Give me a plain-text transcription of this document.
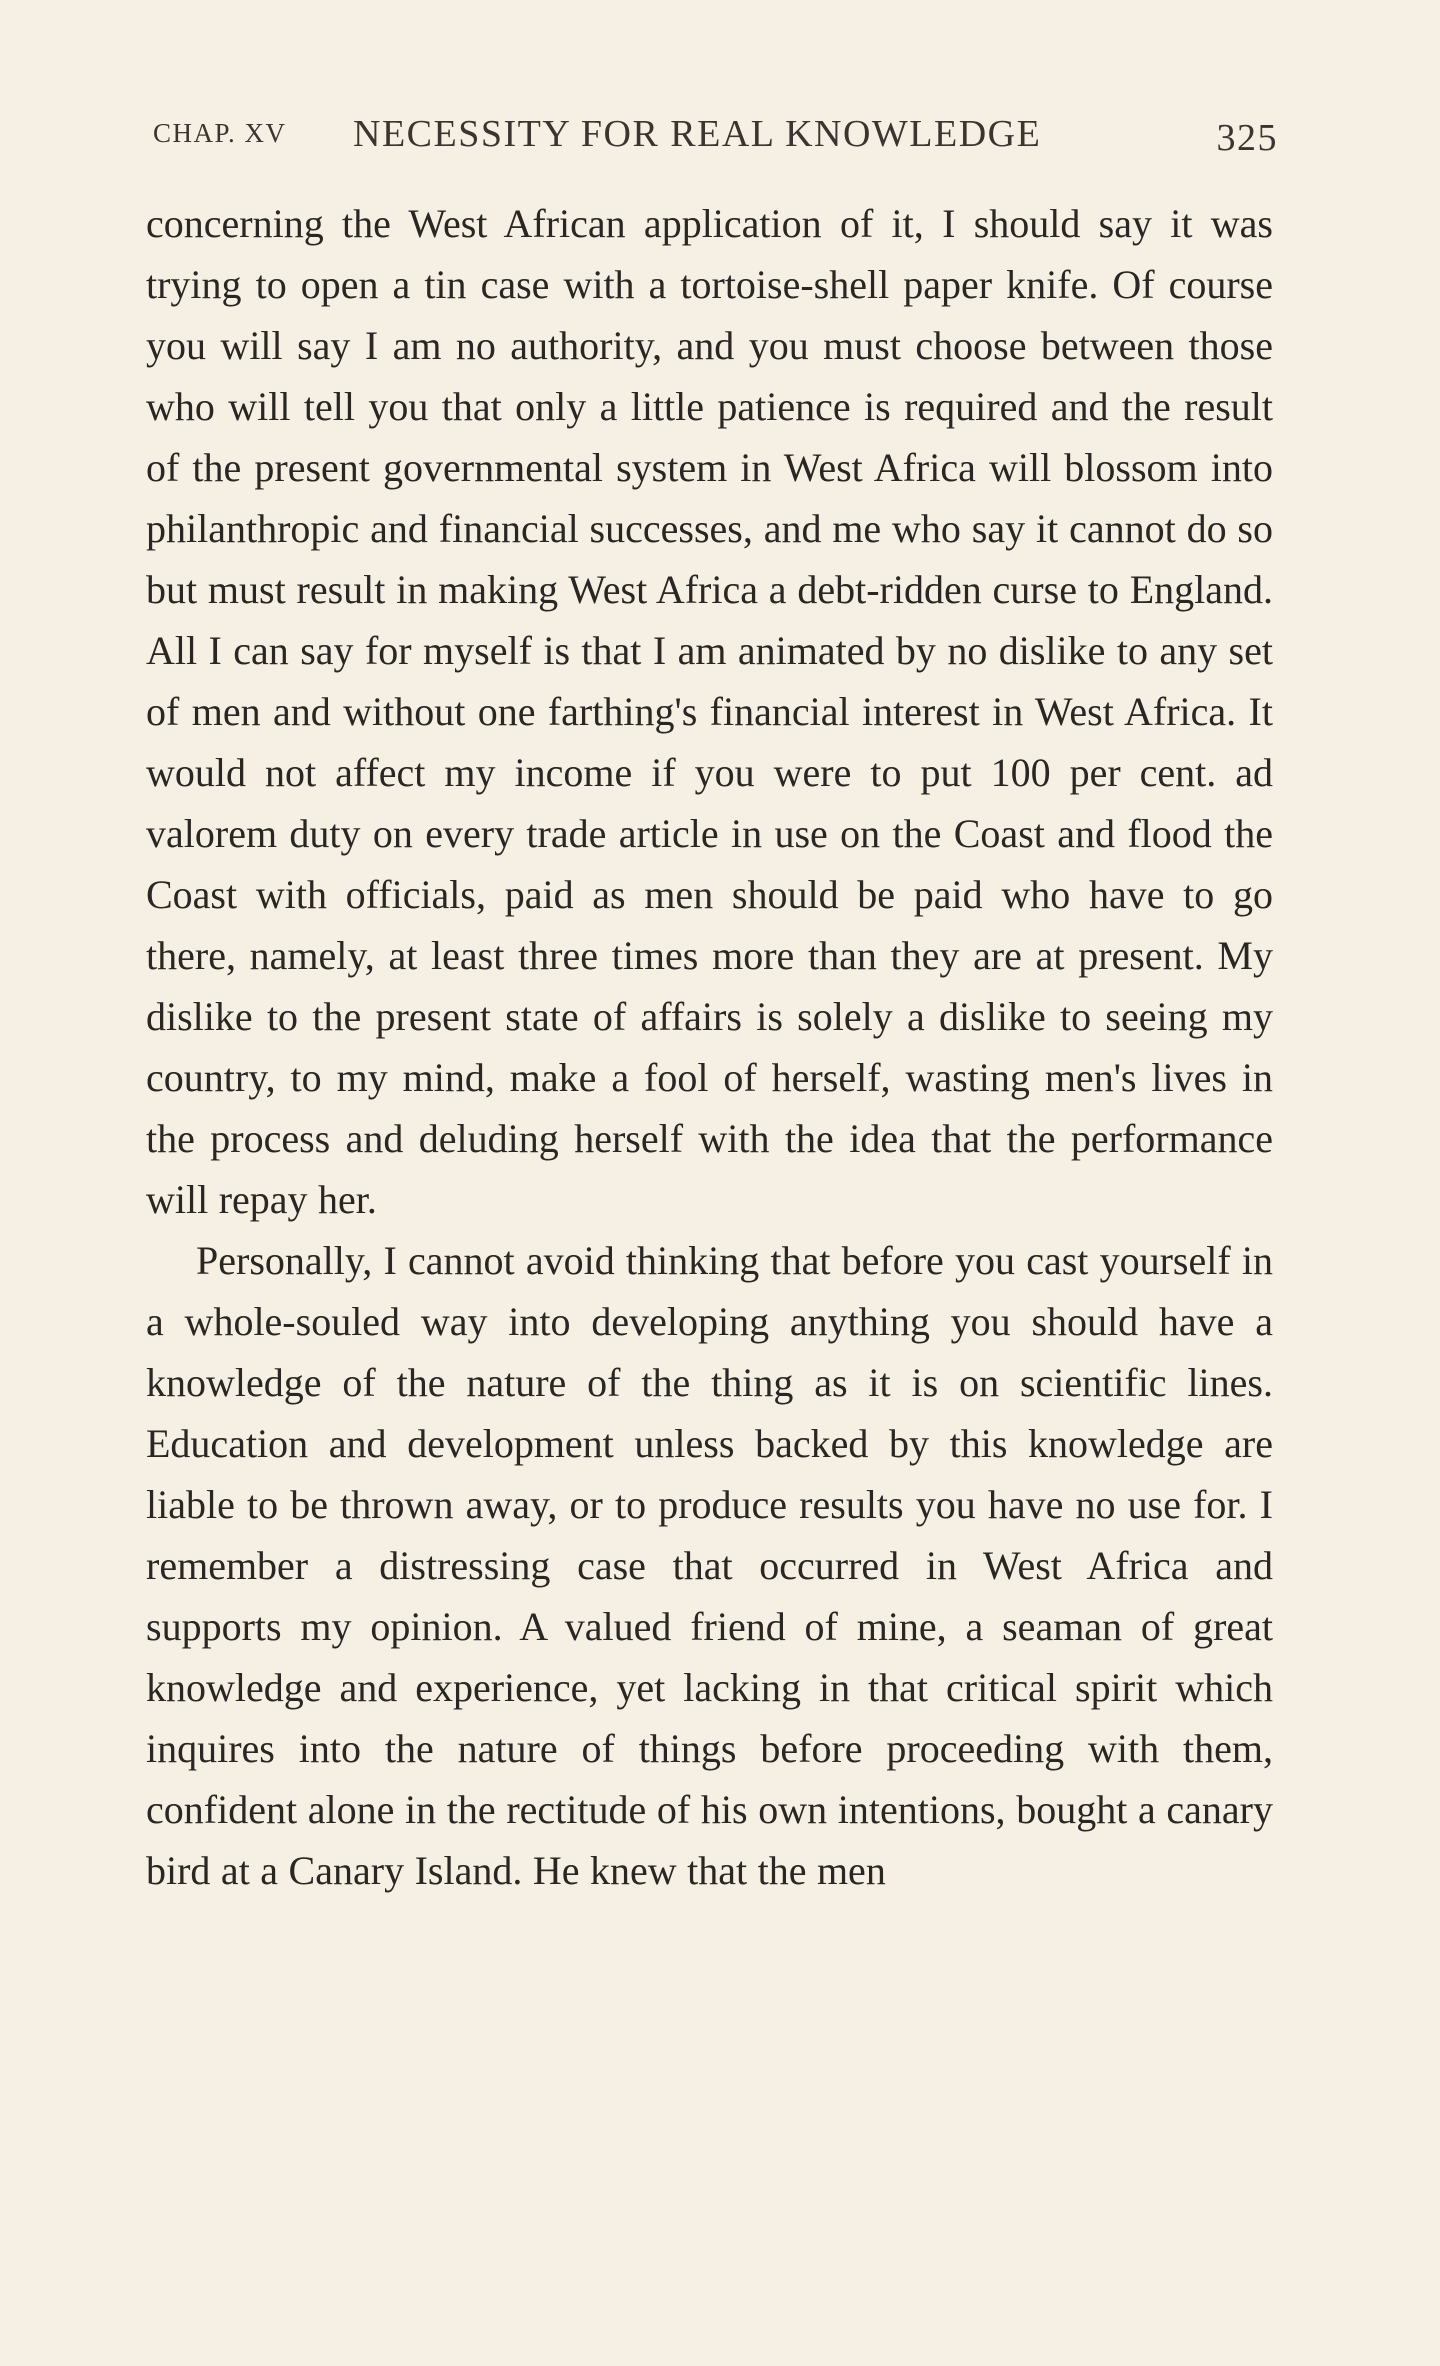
CHAP. XV NECESSITY FOR REAL KNOWLEDGE	325

concerning the West African application of it, I should say it was trying to open a tin case with a tortoise-shell paper knife. Of course you will say I am no authority, and you must choose between those who will tell you that only a little patience is required and the result of the present governmental system in West Africa will blossom into philanthropic and financial successes, and me who say it cannot do so but must result in making West Africa a debt-ridden curse to England. All I can say for myself is that I am animated by no dislike to any set of men and without one farthing's financial interest in West Africa. It would not affect my income if you were to put 100 per cent. ad valorem duty on every trade article in use on the Coast and flood the Coast with officials, paid as men should be paid who have to go there, namely, at least three times more than they are at present. My dislike to the present state of affairs is solely a dislike to seeing my country, to my mind, make a fool of herself, wasting men's lives in the process and deluding herself with the idea that the performance will repay her.

Personally, I cannot avoid thinking that before you cast yourself in a whole-souled way into developing anything you should have a knowledge of the nature of the thing as it is on scientific lines. Education and development unless backed by this knowledge are liable to be thrown away, or to produce results you have no use for. I remember a distressing case that occurred in West Africa and supports my opinion. A valued friend of mine, a seaman of great knowledge and experience, yet lacking in that critical spirit which inquires into the nature of things before proceeding with them, confident alone in the rectitude of his own intentions, bought a canary bird at a Canary Island. He knew that the men
